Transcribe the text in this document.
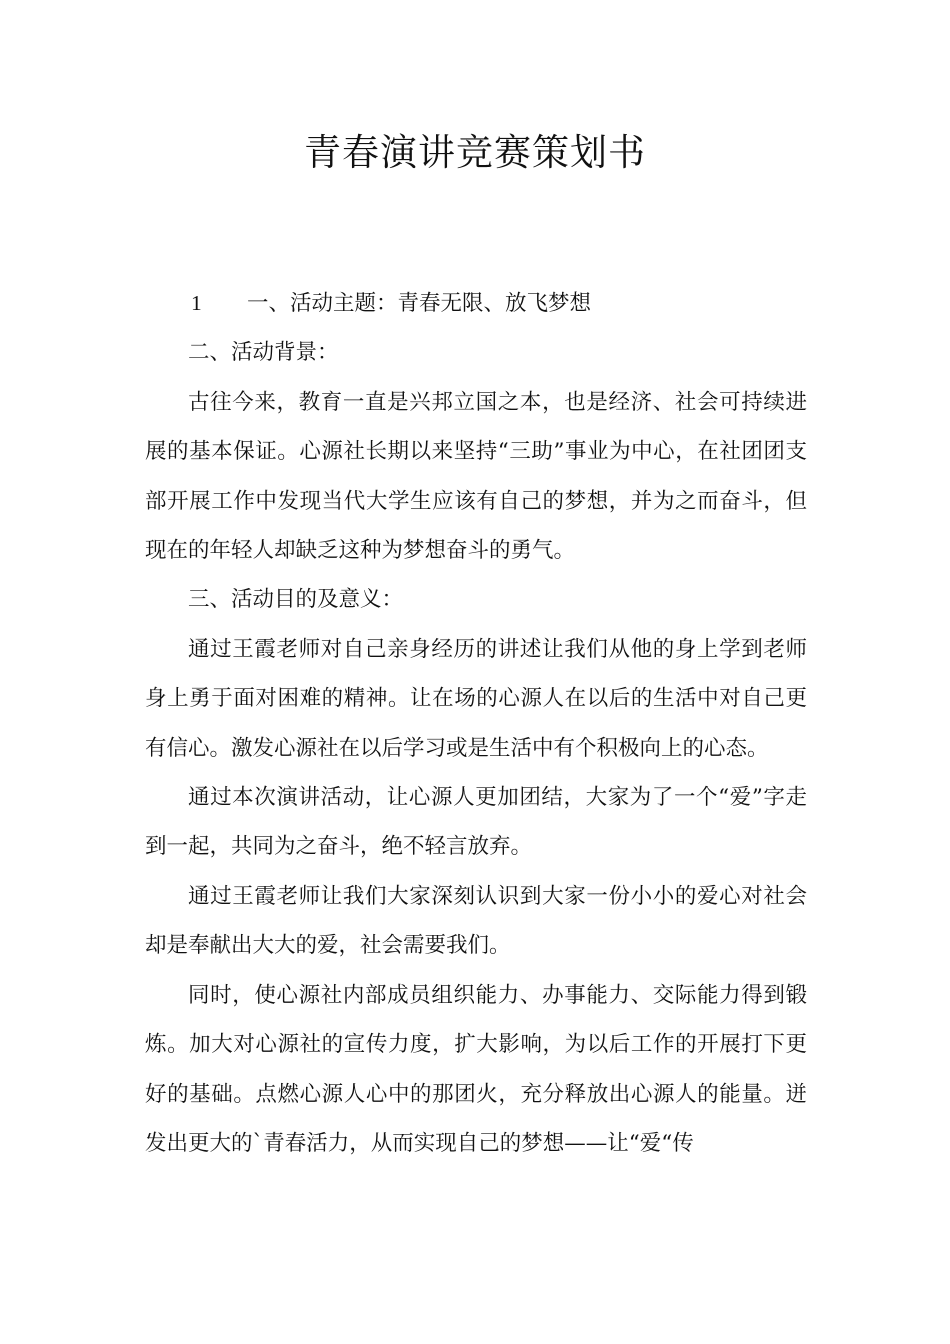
青春演讲竞赛策划书
1	一、活动主题：青春无限、放飞梦想
二、活动背景：

古往今来，教育一直是兴邦立国之本，也是经济、社会可持续进展的基本保证。心源社长期以来坚持“三助”事业为中心，在社团团支部开展工作中发现当代大学生应该有自己的梦想，并为之而奋斗，但现在的年轻人却缺乏这种为梦想奋斗的勇气。

三、活动目的及意义：

通过王霞老师对自己亲身经历的讲述让我们从他的身上学到老师身上勇于面对困难的精神。让在场的心源人在以后的生活中对自己更有信心。激发心源社在以后学习或是生活中有个积极向上的心态。

通过本次演讲活动，让心源人更加团结，大家为了一个“爱”字走到一起，共同为之奋斗，绝不轻言放弃。

通过王霞老师让我们大家深刻认识到大家一份小小的爱心对社会却是奉献出大大的爱，社会需要我们。

同时，使心源社内部成员组织能力、办事能力、交际能力得到锻炼。加大对心源社的宣传力度，扩大影响，为以后工作的开展打下更好的基础。点燃心源人心中的那团火，充分释放出心源人的能量。迸发出更大的`青春活力，从而实现自己的梦想——让“爱“传
